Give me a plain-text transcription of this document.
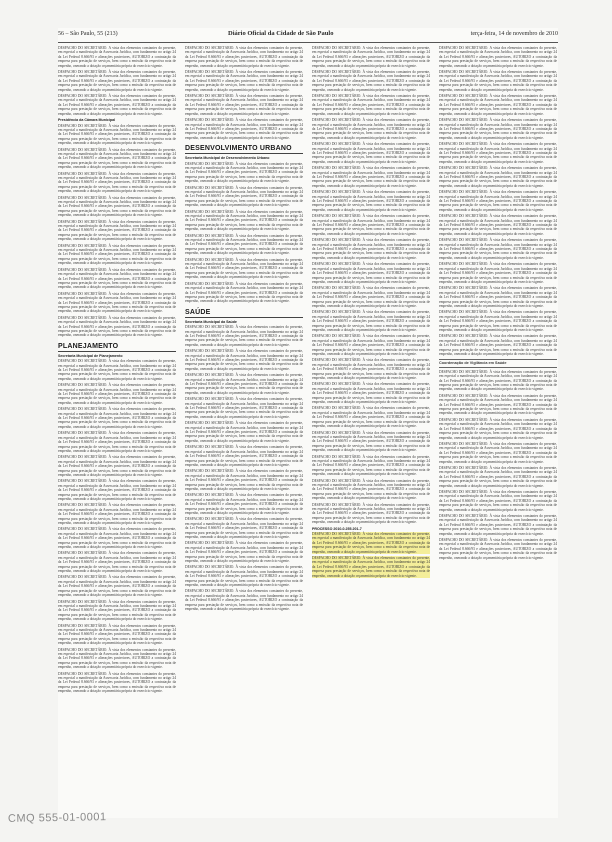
56 – São Paulo, 55 (213)	Diário Oficial da Cidade de São Paulo	terça-feira, 14 de novembro de 2010

DESPACHO DO SECRETÁRIO. À vista dos elementos constantes do presente, em especial a manifestação da Assessoria Jurídica, com fundamento no artigo 24 da Lei Federal 8.666/93 e alterações posteriores, AUTORIZO a contratação da empresa para prestação de serviços, bem como a emissão da respectiva nota de empenho, onerando a dotação orçamentária própria do exercício vigente.

DESPACHO DO SECRETÁRIO. À vista dos elementos constantes do presente, em especial a manifestação da Assessoria Jurídica, com fundamento no artigo 24 da Lei Federal 8.666/93 e alterações posteriores, AUTORIZO a contratação da empresa para prestação de serviços, bem como a emissão da respectiva nota de empenho, onerando a dotação orçamentária própria do exercício vigente.

DESPACHO DO SECRETÁRIO. À vista dos elementos constantes do presente, em especial a manifestação da Assessoria Jurídica, com fundamento no artigo 24 da Lei Federal 8.666/93 e alterações posteriores, AUTORIZO a contratação da empresa para prestação de serviços, bem como a emissão da respectiva nota de empenho, onerando a dotação orçamentária própria do exercício vigente.

Presidência da Câmara Municipal

DESPACHO DO SECRETÁRIO. À vista dos elementos constantes do presente, em especial a manifestação da Assessoria Jurídica, com fundamento no artigo 24 da Lei Federal 8.666/93 e alterações posteriores, AUTORIZO a contratação da empresa para prestação de serviços, bem como a emissão da respectiva nota de empenho, onerando a dotação orçamentária própria do exercício vigente.

DESPACHO DO SECRETÁRIO. À vista dos elementos constantes do presente, em especial a manifestação da Assessoria Jurídica, com fundamento no artigo 24 da Lei Federal 8.666/93 e alterações posteriores, AUTORIZO a contratação da empresa para prestação de serviços, bem como a emissão da respectiva nota de empenho, onerando a dotação orçamentária própria do exercício vigente.

DESPACHO DO SECRETÁRIO. À vista dos elementos constantes do presente, em especial a manifestação da Assessoria Jurídica, com fundamento no artigo 24 da Lei Federal 8.666/93 e alterações posteriores, AUTORIZO a contratação da empresa para prestação de serviços, bem como a emissão da respectiva nota de empenho, onerando a dotação orçamentária própria do exercício vigente.

DESPACHO DO SECRETÁRIO. À vista dos elementos constantes do presente, em especial a manifestação da Assessoria Jurídica, com fundamento no artigo 24 da Lei Federal 8.666/93 e alterações posteriores, AUTORIZO a contratação da empresa para prestação de serviços, bem como a emissão da respectiva nota de empenho, onerando a dotação orçamentária própria do exercício vigente.

DESPACHO DO SECRETÁRIO. À vista dos elementos constantes do presente, em especial a manifestação da Assessoria Jurídica, com fundamento no artigo 24 da Lei Federal 8.666/93 e alterações posteriores, AUTORIZO a contratação da empresa para prestação de serviços, bem como a emissão da respectiva nota de empenho, onerando a dotação orçamentária própria do exercício vigente.

DESPACHO DO SECRETÁRIO. À vista dos elementos constantes do presente, em especial a manifestação da Assessoria Jurídica, com fundamento no artigo 24 da Lei Federal 8.666/93 e alterações posteriores, AUTORIZO a contratação da empresa para prestação de serviços, bem como a emissão da respectiva nota de empenho, onerando a dotação orçamentária própria do exercício vigente.

DESPACHO DO SECRETÁRIO. À vista dos elementos constantes do presente, em especial a manifestação da Assessoria Jurídica, com fundamento no artigo 24 da Lei Federal 8.666/93 e alterações posteriores, AUTORIZO a contratação da empresa para prestação de serviços, bem como a emissão da respectiva nota de empenho, onerando a dotação orçamentária própria do exercício vigente.

DESPACHO DO SECRETÁRIO. À vista dos elementos constantes do presente, em especial a manifestação da Assessoria Jurídica, com fundamento no artigo 24 da Lei Federal 8.666/93 e alterações posteriores, AUTORIZO a contratação da empresa para prestação de serviços, bem como a emissão da respectiva nota de empenho, onerando a dotação orçamentária própria do exercício vigente.

DESPACHO DO SECRETÁRIO. À vista dos elementos constantes do presente, em especial a manifestação da Assessoria Jurídica, com fundamento no artigo 24 da Lei Federal 8.666/93 e alterações posteriores, AUTORIZO a contratação da empresa para prestação de serviços, bem como a emissão da respectiva nota de empenho, onerando a dotação orçamentária própria do exercício vigente.

PLANEJAMENTO
Secretaria Municipal de Planejamento

DESPACHO DO SECRETÁRIO. À vista dos elementos constantes do presente, em especial a manifestação da Assessoria Jurídica, com fundamento no artigo 24 da Lei Federal 8.666/93 e alterações posteriores, AUTORIZO a contratação da empresa para prestação de serviços, bem como a emissão da respectiva nota de empenho, onerando a dotação orçamentária própria do exercício vigente.

DESPACHO DO SECRETÁRIO. À vista dos elementos constantes do presente, em especial a manifestação da Assessoria Jurídica, com fundamento no artigo 24 da Lei Federal 8.666/93 e alterações posteriores, AUTORIZO a contratação da empresa para prestação de serviços, bem como a emissão da respectiva nota de empenho, onerando a dotação orçamentária própria do exercício vigente.

DESPACHO DO SECRETÁRIO. À vista dos elementos constantes do presente, em especial a manifestação da Assessoria Jurídica, com fundamento no artigo 24 da Lei Federal 8.666/93 e alterações posteriores, AUTORIZO a contratação da empresa para prestação de serviços, bem como a emissão da respectiva nota de empenho, onerando a dotação orçamentária própria do exercício vigente.

DESPACHO DO SECRETÁRIO. À vista dos elementos constantes do presente, em especial a manifestação da Assessoria Jurídica, com fundamento no artigo 24 da Lei Federal 8.666/93 e alterações posteriores, AUTORIZO a contratação da empresa para prestação de serviços, bem como a emissão da respectiva nota de empenho, onerando a dotação orçamentária própria do exercício vigente.

DESPACHO DO SECRETÁRIO. À vista dos elementos constantes do presente, em especial a manifestação da Assessoria Jurídica, com fundamento no artigo 24 da Lei Federal 8.666/93 e alterações posteriores, AUTORIZO a contratação da empresa para prestação de serviços, bem como a emissão da respectiva nota de empenho, onerando a dotação orçamentária própria do exercício vigente.

DESPACHO DO SECRETÁRIO. À vista dos elementos constantes do presente, em especial a manifestação da Assessoria Jurídica, com fundamento no artigo 24 da Lei Federal 8.666/93 e alterações posteriores, AUTORIZO a contratação da empresa para prestação de serviços, bem como a emissão da respectiva nota de empenho, onerando a dotação orçamentária própria do exercício vigente.

DESPACHO DO SECRETÁRIO. À vista dos elementos constantes do presente, em especial a manifestação da Assessoria Jurídica, com fundamento no artigo 24 da Lei Federal 8.666/93 e alterações posteriores, AUTORIZO a contratação da empresa para prestação de serviços, bem como a emissão da respectiva nota de empenho, onerando a dotação orçamentária própria do exercício vigente.

DESPACHO DO SECRETÁRIO. À vista dos elementos constantes do presente, em especial a manifestação da Assessoria Jurídica, com fundamento no artigo 24 da Lei Federal 8.666/93 e alterações posteriores, AUTORIZO a contratação da empresa para prestação de serviços, bem como a emissão da respectiva nota de empenho, onerando a dotação orçamentária própria do exercício vigente.

DESPACHO DO SECRETÁRIO. À vista dos elementos constantes do presente, em especial a manifestação da Assessoria Jurídica, com fundamento no artigo 24 da Lei Federal 8.666/93 e alterações posteriores, AUTORIZO a contratação da empresa para prestação de serviços, bem como a emissão da respectiva nota de empenho, onerando a dotação orçamentária própria do exercício vigente.

DESPACHO DO SECRETÁRIO. À vista dos elementos constantes do presente, em especial a manifestação da Assessoria Jurídica, com fundamento no artigo 24 da Lei Federal 8.666/93 e alterações posteriores, AUTORIZO a contratação da empresa para prestação de serviços, bem como a emissão da respectiva nota de empenho, onerando a dotação orçamentária própria do exercício vigente.

DESPACHO DO SECRETÁRIO. À vista dos elementos constantes do presente, em especial a manifestação da Assessoria Jurídica, com fundamento no artigo 24 da Lei Federal 8.666/93 e alterações posteriores, AUTORIZO a contratação da empresa para prestação de serviços, bem como a emissão da respectiva nota de empenho, onerando a dotação orçamentária própria do exercício vigente.

DESPACHO DO SECRETÁRIO. À vista dos elementos constantes do presente, em especial a manifestação da Assessoria Jurídica, com fundamento no artigo 24 da Lei Federal 8.666/93 e alterações posteriores, AUTORIZO a contratação da empresa para prestação de serviços, bem como a emissão da respectiva nota de empenho, onerando a dotação orçamentária própria do exercício vigente.

DESPACHO DO SECRETÁRIO. À vista dos elementos constantes do presente, em especial a manifestação da Assessoria Jurídica, com fundamento no artigo 24 da Lei Federal 8.666/93 e alterações posteriores, AUTORIZO a contratação da empresa para prestação de serviços, bem como a emissão da respectiva nota de empenho, onerando a dotação orçamentária própria do exercício vigente.

DESPACHO DO SECRETÁRIO. À vista dos elementos constantes do presente, em especial a manifestação da Assessoria Jurídica, com fundamento no artigo 24 da Lei Federal 8.666/93 e alterações posteriores, AUTORIZO a contratação da empresa para prestação de serviços, bem como a emissão da respectiva nota de empenho, onerando a dotação orçamentária própria do exercício vigente.

DESPACHO DO SECRETÁRIO. À vista dos elementos constantes do presente, em especial a manifestação da Assessoria Jurídica, com fundamento no artigo 24 da Lei Federal 8.666/93 e alterações posteriores, AUTORIZO a contratação da empresa para prestação de serviços, bem como a emissão da respectiva nota de empenho, onerando a dotação orçamentária própria do exercício vigente.

DESPACHO DO SECRETÁRIO. À vista dos elementos constantes do presente, em especial a manifestação da Assessoria Jurídica, com fundamento no artigo 24 da Lei Federal 8.666/93 e alterações posteriores, AUTORIZO a contratação da empresa para prestação de serviços, bem como a emissão da respectiva nota de empenho, onerando a dotação orçamentária própria do exercício vigente.

DESPACHO DO SECRETÁRIO. À vista dos elementos constantes do presente, em especial a manifestação da Assessoria Jurídica, com fundamento no artigo 24 da Lei Federal 8.666/93 e alterações posteriores, AUTORIZO a contratação da empresa para prestação de serviços, bem como a emissão da respectiva nota de empenho, onerando a dotação orçamentária própria do exercício vigente.

DESPACHO DO SECRETÁRIO. À vista dos elementos constantes do presente, em especial a manifestação da Assessoria Jurídica, com fundamento no artigo 24 da Lei Federal 8.666/93 e alterações posteriores, AUTORIZO a contratação da empresa para prestação de serviços, bem como a emissão da respectiva nota de empenho, onerando a dotação orçamentária própria do exercício vigente.

DESENVOLVIMENTO URBANO
Secretaria Municipal de Desenvolvimento Urbano

DESPACHO DO SECRETÁRIO. À vista dos elementos constantes do presente, em especial a manifestação da Assessoria Jurídica, com fundamento no artigo 24 da Lei Federal 8.666/93 e alterações posteriores, AUTORIZO a contratação da empresa para prestação de serviços, bem como a emissão da respectiva nota de empenho, onerando a dotação orçamentária própria do exercício vigente.

DESPACHO DO SECRETÁRIO. À vista dos elementos constantes do presente, em especial a manifestação da Assessoria Jurídica, com fundamento no artigo 24 da Lei Federal 8.666/93 e alterações posteriores, AUTORIZO a contratação da empresa para prestação de serviços, bem como a emissão da respectiva nota de empenho, onerando a dotação orçamentária própria do exercício vigente.

DESPACHO DO SECRETÁRIO. À vista dos elementos constantes do presente, em especial a manifestação da Assessoria Jurídica, com fundamento no artigo 24 da Lei Federal 8.666/93 e alterações posteriores, AUTORIZO a contratação da empresa para prestação de serviços, bem como a emissão da respectiva nota de empenho, onerando a dotação orçamentária própria do exercício vigente.

DESPACHO DO SECRETÁRIO. À vista dos elementos constantes do presente, em especial a manifestação da Assessoria Jurídica, com fundamento no artigo 24 da Lei Federal 8.666/93 e alterações posteriores, AUTORIZO a contratação da empresa para prestação de serviços, bem como a emissão da respectiva nota de empenho, onerando a dotação orçamentária própria do exercício vigente.

DESPACHO DO SECRETÁRIO. À vista dos elementos constantes do presente, em especial a manifestação da Assessoria Jurídica, com fundamento no artigo 24 da Lei Federal 8.666/93 e alterações posteriores, AUTORIZO a contratação da empresa para prestação de serviços, bem como a emissão da respectiva nota de empenho, onerando a dotação orçamentária própria do exercício vigente.

DESPACHO DO SECRETÁRIO. À vista dos elementos constantes do presente, em especial a manifestação da Assessoria Jurídica, com fundamento no artigo 24 da Lei Federal 8.666/93 e alterações posteriores, AUTORIZO a contratação da empresa para prestação de serviços, bem como a emissão da respectiva nota de empenho, onerando a dotação orçamentária própria do exercício vigente.

SAÚDE
Secretaria Municipal da Saúde

DESPACHO DO SECRETÁRIO. À vista dos elementos constantes do presente, em especial a manifestação da Assessoria Jurídica, com fundamento no artigo 24 da Lei Federal 8.666/93 e alterações posteriores, AUTORIZO a contratação da empresa para prestação de serviços, bem como a emissão da respectiva nota de empenho, onerando a dotação orçamentária própria do exercício vigente.

DESPACHO DO SECRETÁRIO. À vista dos elementos constantes do presente, em especial a manifestação da Assessoria Jurídica, com fundamento no artigo 24 da Lei Federal 8.666/93 e alterações posteriores, AUTORIZO a contratação da empresa para prestação de serviços, bem como a emissão da respectiva nota de empenho, onerando a dotação orçamentária própria do exercício vigente.

DESPACHO DO SECRETÁRIO. À vista dos elementos constantes do presente, em especial a manifestação da Assessoria Jurídica, com fundamento no artigo 24 da Lei Federal 8.666/93 e alterações posteriores, AUTORIZO a contratação da empresa para prestação de serviços, bem como a emissão da respectiva nota de empenho, onerando a dotação orçamentária própria do exercício vigente.

DESPACHO DO SECRETÁRIO. À vista dos elementos constantes do presente, em especial a manifestação da Assessoria Jurídica, com fundamento no artigo 24 da Lei Federal 8.666/93 e alterações posteriores, AUTORIZO a contratação da empresa para prestação de serviços, bem como a emissão da respectiva nota de empenho, onerando a dotação orçamentária própria do exercício vigente.

DESPACHO DO SECRETÁRIO. À vista dos elementos constantes do presente, em especial a manifestação da Assessoria Jurídica, com fundamento no artigo 24 da Lei Federal 8.666/93 e alterações posteriores, AUTORIZO a contratação da empresa para prestação de serviços, bem como a emissão da respectiva nota de empenho, onerando a dotação orçamentária própria do exercício vigente.

DESPACHO DO SECRETÁRIO. À vista dos elementos constantes do presente, em especial a manifestação da Assessoria Jurídica, com fundamento no artigo 24 da Lei Federal 8.666/93 e alterações posteriores, AUTORIZO a contratação da empresa para prestação de serviços, bem como a emissão da respectiva nota de empenho, onerando a dotação orçamentária própria do exercício vigente.

DESPACHO DO SECRETÁRIO. À vista dos elementos constantes do presente, em especial a manifestação da Assessoria Jurídica, com fundamento no artigo 24 da Lei Federal 8.666/93 e alterações posteriores, AUTORIZO a contratação da empresa para prestação de serviços, bem como a emissão da respectiva nota de empenho, onerando a dotação orçamentária própria do exercício vigente.

DESPACHO DO SECRETÁRIO. À vista dos elementos constantes do presente, em especial a manifestação da Assessoria Jurídica, com fundamento no artigo 24 da Lei Federal 8.666/93 e alterações posteriores, AUTORIZO a contratação da empresa para prestação de serviços, bem como a emissão da respectiva nota de empenho, onerando a dotação orçamentária própria do exercício vigente.

DESPACHO DO SECRETÁRIO. À vista dos elementos constantes do presente, em especial a manifestação da Assessoria Jurídica, com fundamento no artigo 24 da Lei Federal 8.666/93 e alterações posteriores, AUTORIZO a contratação da empresa para prestação de serviços, bem como a emissão da respectiva nota de empenho, onerando a dotação orçamentária própria do exercício vigente.

DESPACHO DO SECRETÁRIO. À vista dos elementos constantes do presente, em especial a manifestação da Assessoria Jurídica, com fundamento no artigo 24 da Lei Federal 8.666/93 e alterações posteriores, AUTORIZO a contratação da empresa para prestação de serviços, bem como a emissão da respectiva nota de empenho, onerando a dotação orçamentária própria do exercício vigente.

DESPACHO DO SECRETÁRIO. À vista dos elementos constantes do presente, em especial a manifestação da Assessoria Jurídica, com fundamento no artigo 24 da Lei Federal 8.666/93 e alterações posteriores, AUTORIZO a contratação da empresa para prestação de serviços, bem como a emissão da respectiva nota de empenho, onerando a dotação orçamentária própria do exercício vigente.

DESPACHO DO SECRETÁRIO. À vista dos elementos constantes do presente, em especial a manifestação da Assessoria Jurídica, com fundamento no artigo 24 da Lei Federal 8.666/93 e alterações posteriores, AUTORIZO a contratação da empresa para prestação de serviços, bem como a emissão da respectiva nota de empenho, onerando a dotação orçamentária própria do exercício vigente.

DESPACHO DO SECRETÁRIO. À vista dos elementos constantes do presente, em especial a manifestação da Assessoria Jurídica, com fundamento no artigo 24 da Lei Federal 8.666/93 e alterações posteriores, AUTORIZO a contratação da empresa para prestação de serviços, bem como a emissão da respectiva nota de empenho, onerando a dotação orçamentária própria do exercício vigente.

DESPACHO DO SECRETÁRIO. À vista dos elementos constantes do presente, em especial a manifestação da Assessoria Jurídica, com fundamento no artigo 24 da Lei Federal 8.666/93 e alterações posteriores, AUTORIZO a contratação da empresa para prestação de serviços, bem como a emissão da respectiva nota de empenho, onerando a dotação orçamentária própria do exercício vigente.

DESPACHO DO SECRETÁRIO. À vista dos elementos constantes do presente, em especial a manifestação da Assessoria Jurídica, com fundamento no artigo 24 da Lei Federal 8.666/93 e alterações posteriores, AUTORIZO a contratação da empresa para prestação de serviços, bem como a emissão da respectiva nota de empenho, onerando a dotação orçamentária própria do exercício vigente.

DESPACHO DO SECRETÁRIO. À vista dos elementos constantes do presente, em especial a manifestação da Assessoria Jurídica, com fundamento no artigo 24 da Lei Federal 8.666/93 e alterações posteriores, AUTORIZO a contratação da empresa para prestação de serviços, bem como a emissão da respectiva nota de empenho, onerando a dotação orçamentária própria do exercício vigente.

DESPACHO DO SECRETÁRIO. À vista dos elementos constantes do presente, em especial a manifestação da Assessoria Jurídica, com fundamento no artigo 24 da Lei Federal 8.666/93 e alterações posteriores, AUTORIZO a contratação da empresa para prestação de serviços, bem como a emissão da respectiva nota de empenho, onerando a dotação orçamentária própria do exercício vigente.

DESPACHO DO SECRETÁRIO. À vista dos elementos constantes do presente, em especial a manifestação da Assessoria Jurídica, com fundamento no artigo 24 da Lei Federal 8.666/93 e alterações posteriores, AUTORIZO a contratação da empresa para prestação de serviços, bem como a emissão da respectiva nota de empenho, onerando a dotação orçamentária própria do exercício vigente.

DESPACHO DO SECRETÁRIO. À vista dos elementos constantes do presente, em especial a manifestação da Assessoria Jurídica, com fundamento no artigo 24 da Lei Federal 8.666/93 e alterações posteriores, AUTORIZO a contratação da empresa para prestação de serviços, bem como a emissão da respectiva nota de empenho, onerando a dotação orçamentária própria do exercício vigente.

DESPACHO DO SECRETÁRIO. À vista dos elementos constantes do presente, em especial a manifestação da Assessoria Jurídica, com fundamento no artigo 24 da Lei Federal 8.666/93 e alterações posteriores, AUTORIZO a contratação da empresa para prestação de serviços, bem como a emissão da respectiva nota de empenho, onerando a dotação orçamentária própria do exercício vigente.

DESPACHO DO SECRETÁRIO. À vista dos elementos constantes do presente, em especial a manifestação da Assessoria Jurídica, com fundamento no artigo 24 da Lei Federal 8.666/93 e alterações posteriores, AUTORIZO a contratação da empresa para prestação de serviços, bem como a emissão da respectiva nota de empenho, onerando a dotação orçamentária própria do exercício vigente.

DESPACHO DO SECRETÁRIO. À vista dos elementos constantes do presente, em especial a manifestação da Assessoria Jurídica, com fundamento no artigo 24 da Lei Federal 8.666/93 e alterações posteriores, AUTORIZO a contratação da empresa para prestação de serviços, bem como a emissão da respectiva nota de empenho, onerando a dotação orçamentária própria do exercício vigente.

DESPACHO DO SECRETÁRIO. À vista dos elementos constantes do presente, em especial a manifestação da Assessoria Jurídica, com fundamento no artigo 24 da Lei Federal 8.666/93 e alterações posteriores, AUTORIZO a contratação da empresa para prestação de serviços, bem como a emissão da respectiva nota de empenho, onerando a dotação orçamentária própria do exercício vigente.

DESPACHO DO SECRETÁRIO. À vista dos elementos constantes do presente, em especial a manifestação da Assessoria Jurídica, com fundamento no artigo 24 da Lei Federal 8.666/93 e alterações posteriores, AUTORIZO a contratação da empresa para prestação de serviços, bem como a emissão da respectiva nota de empenho, onerando a dotação orçamentária própria do exercício vigente.

DESPACHO DO SECRETÁRIO. À vista dos elementos constantes do presente, em especial a manifestação da Assessoria Jurídica, com fundamento no artigo 24 da Lei Federal 8.666/93 e alterações posteriores, AUTORIZO a contratação da empresa para prestação de serviços, bem como a emissão da respectiva nota de empenho, onerando a dotação orçamentária própria do exercício vigente.

DESPACHO DO SECRETÁRIO. À vista dos elementos constantes do presente, em especial a manifestação da Assessoria Jurídica, com fundamento no artigo 24 da Lei Federal 8.666/93 e alterações posteriores, AUTORIZO a contratação da empresa para prestação de serviços, bem como a emissão da respectiva nota de empenho, onerando a dotação orçamentária própria do exercício vigente.

DESPACHO DO SECRETÁRIO. À vista dos elementos constantes do presente, em especial a manifestação da Assessoria Jurídica, com fundamento no artigo 24 da Lei Federal 8.666/93 e alterações posteriores, AUTORIZO a contratação da empresa para prestação de serviços, bem como a emissão da respectiva nota de empenho, onerando a dotação orçamentária própria do exercício vigente.

DESPACHO DO SECRETÁRIO. À vista dos elementos constantes do presente, em especial a manifestação da Assessoria Jurídica, com fundamento no artigo 24 da Lei Federal 8.666/93 e alterações posteriores, AUTORIZO a contratação da empresa para prestação de serviços, bem como a emissão da respectiva nota de empenho, onerando a dotação orçamentária própria do exercício vigente.

DESPACHO DO SECRETÁRIO. À vista dos elementos constantes do presente, em especial a manifestação da Assessoria Jurídica, com fundamento no artigo 24 da Lei Federal 8.666/93 e alterações posteriores, AUTORIZO a contratação da empresa para prestação de serviços, bem como a emissão da respectiva nota de empenho, onerando a dotação orçamentária própria do exercício vigente.

DESPACHO DO SECRETÁRIO. À vista dos elementos constantes do presente, em especial a manifestação da Assessoria Jurídica, com fundamento no artigo 24 da Lei Federal 8.666/93 e alterações posteriores, AUTORIZO a contratação da empresa para prestação de serviços, bem como a emissão da respectiva nota de empenho, onerando a dotação orçamentária própria do exercício vigente.

DESPACHO DO SECRETÁRIO. À vista dos elementos constantes do presente, em especial a manifestação da Assessoria Jurídica, com fundamento no artigo 24 da Lei Federal 8.666/93 e alterações posteriores, AUTORIZO a contratação da empresa para prestação de serviços, bem como a emissão da respectiva nota de empenho, onerando a dotação orçamentária própria do exercício vigente.

DESPACHO DO SECRETÁRIO. À vista dos elementos constantes do presente, em especial a manifestação da Assessoria Jurídica, com fundamento no artigo 24 da Lei Federal 8.666/93 e alterações posteriores, AUTORIZO a contratação da empresa para prestação de serviços, bem como a emissão da respectiva nota de empenho, onerando a dotação orçamentária própria do exercício vigente.

PROCESSO 2010-0.255.201-7

DESPACHO DO SECRETÁRIO. À vista dos elementos constantes do presente, em especial a manifestação da Assessoria Jurídica, com fundamento no artigo 24 da Lei Federal 8.666/93 e alterações posteriores, AUTORIZO a contratação da empresa para prestação de serviços, bem como a emissão da respectiva nota de empenho, onerando a dotação orçamentária própria do exercício vigente.

DESPACHO DO SECRETÁRIO. À vista dos elementos constantes do presente, em especial a manifestação da Assessoria Jurídica, com fundamento no artigo 24 da Lei Federal 8.666/93 e alterações posteriores, AUTORIZO a contratação da empresa para prestação de serviços, bem como a emissão da respectiva nota de empenho, onerando a dotação orçamentária própria do exercício vigente.

DESPACHO DO SECRETÁRIO. À vista dos elementos constantes do presente, em especial a manifestação da Assessoria Jurídica, com fundamento no artigo 24 da Lei Federal 8.666/93 e alterações posteriores, AUTORIZO a contratação da empresa para prestação de serviços, bem como a emissão da respectiva nota de empenho, onerando a dotação orçamentária própria do exercício vigente.

DESPACHO DO SECRETÁRIO. À vista dos elementos constantes do presente, em especial a manifestação da Assessoria Jurídica, com fundamento no artigo 24 da Lei Federal 8.666/93 e alterações posteriores, AUTORIZO a contratação da empresa para prestação de serviços, bem como a emissão da respectiva nota de empenho, onerando a dotação orçamentária própria do exercício vigente.

DESPACHO DO SECRETÁRIO. À vista dos elementos constantes do presente, em especial a manifestação da Assessoria Jurídica, com fundamento no artigo 24 da Lei Federal 8.666/93 e alterações posteriores, AUTORIZO a contratação da empresa para prestação de serviços, bem como a emissão da respectiva nota de empenho, onerando a dotação orçamentária própria do exercício vigente.

DESPACHO DO SECRETÁRIO. À vista dos elementos constantes do presente, em especial a manifestação da Assessoria Jurídica, com fundamento no artigo 24 da Lei Federal 8.666/93 e alterações posteriores, AUTORIZO a contratação da empresa para prestação de serviços, bem como a emissão da respectiva nota de empenho, onerando a dotação orçamentária própria do exercício vigente.

DESPACHO DO SECRETÁRIO. À vista dos elementos constantes do presente, em especial a manifestação da Assessoria Jurídica, com fundamento no artigo 24 da Lei Federal 8.666/93 e alterações posteriores, AUTORIZO a contratação da empresa para prestação de serviços, bem como a emissão da respectiva nota de empenho, onerando a dotação orçamentária própria do exercício vigente.

DESPACHO DO SECRETÁRIO. À vista dos elementos constantes do presente, em especial a manifestação da Assessoria Jurídica, com fundamento no artigo 24 da Lei Federal 8.666/93 e alterações posteriores, AUTORIZO a contratação da empresa para prestação de serviços, bem como a emissão da respectiva nota de empenho, onerando a dotação orçamentária própria do exercício vigente.

DESPACHO DO SECRETÁRIO. À vista dos elementos constantes do presente, em especial a manifestação da Assessoria Jurídica, com fundamento no artigo 24 da Lei Federal 8.666/93 e alterações posteriores, AUTORIZO a contratação da empresa para prestação de serviços, bem como a emissão da respectiva nota de empenho, onerando a dotação orçamentária própria do exercício vigente.

DESPACHO DO SECRETÁRIO. À vista dos elementos constantes do presente, em especial a manifestação da Assessoria Jurídica, com fundamento no artigo 24 da Lei Federal 8.666/93 e alterações posteriores, AUTORIZO a contratação da empresa para prestação de serviços, bem como a emissão da respectiva nota de empenho, onerando a dotação orçamentária própria do exercício vigente.

DESPACHO DO SECRETÁRIO. À vista dos elementos constantes do presente, em especial a manifestação da Assessoria Jurídica, com fundamento no artigo 24 da Lei Federal 8.666/93 e alterações posteriores, AUTORIZO a contratação da empresa para prestação de serviços, bem como a emissão da respectiva nota de empenho, onerando a dotação orçamentária própria do exercício vigente.

DESPACHO DO SECRETÁRIO. À vista dos elementos constantes do presente, em especial a manifestação da Assessoria Jurídica, com fundamento no artigo 24 da Lei Federal 8.666/93 e alterações posteriores, AUTORIZO a contratação da empresa para prestação de serviços, bem como a emissão da respectiva nota de empenho, onerando a dotação orçamentária própria do exercício vigente.

DESPACHO DO SECRETÁRIO. À vista dos elementos constantes do presente, em especial a manifestação da Assessoria Jurídica, com fundamento no artigo 24 da Lei Federal 8.666/93 e alterações posteriores, AUTORIZO a contratação da empresa para prestação de serviços, bem como a emissão da respectiva nota de empenho, onerando a dotação orçamentária própria do exercício vigente.

DESPACHO DO SECRETÁRIO. À vista dos elementos constantes do presente, em especial a manifestação da Assessoria Jurídica, com fundamento no artigo 24 da Lei Federal 8.666/93 e alterações posteriores, AUTORIZO a contratação da empresa para prestação de serviços, bem como a emissão da respectiva nota de empenho, onerando a dotação orçamentária própria do exercício vigente.

DESPACHO DO SECRETÁRIO. À vista dos elementos constantes do presente, em especial a manifestação da Assessoria Jurídica, com fundamento no artigo 24 da Lei Federal 8.666/93 e alterações posteriores, AUTORIZO a contratação da empresa para prestação de serviços, bem como a emissão da respectiva nota de empenho, onerando a dotação orçamentária própria do exercício vigente.

Coordenação de Vigilância em Saúde

DESPACHO DO SECRETÁRIO. À vista dos elementos constantes do presente, em especial a manifestação da Assessoria Jurídica, com fundamento no artigo 24 da Lei Federal 8.666/93 e alterações posteriores, AUTORIZO a contratação da empresa para prestação de serviços, bem como a emissão da respectiva nota de empenho, onerando a dotação orçamentária própria do exercício vigente.

DESPACHO DO SECRETÁRIO. À vista dos elementos constantes do presente, em especial a manifestação da Assessoria Jurídica, com fundamento no artigo 24 da Lei Federal 8.666/93 e alterações posteriores, AUTORIZO a contratação da empresa para prestação de serviços, bem como a emissão da respectiva nota de empenho, onerando a dotação orçamentária própria do exercício vigente.

DESPACHO DO SECRETÁRIO. À vista dos elementos constantes do presente, em especial a manifestação da Assessoria Jurídica, com fundamento no artigo 24 da Lei Federal 8.666/93 e alterações posteriores, AUTORIZO a contratação da empresa para prestação de serviços, bem como a emissão da respectiva nota de empenho, onerando a dotação orçamentária própria do exercício vigente.

DESPACHO DO SECRETÁRIO. À vista dos elementos constantes do presente, em especial a manifestação da Assessoria Jurídica, com fundamento no artigo 24 da Lei Federal 8.666/93 e alterações posteriores, AUTORIZO a contratação da empresa para prestação de serviços, bem como a emissão da respectiva nota de empenho, onerando a dotação orçamentária própria do exercício vigente.

DESPACHO DO SECRETÁRIO. À vista dos elementos constantes do presente, em especial a manifestação da Assessoria Jurídica, com fundamento no artigo 24 da Lei Federal 8.666/93 e alterações posteriores, AUTORIZO a contratação da empresa para prestação de serviços, bem como a emissão da respectiva nota de empenho, onerando a dotação orçamentária própria do exercício vigente.

DESPACHO DO SECRETÁRIO. À vista dos elementos constantes do presente, em especial a manifestação da Assessoria Jurídica, com fundamento no artigo 24 da Lei Federal 8.666/93 e alterações posteriores, AUTORIZO a contratação da empresa para prestação de serviços, bem como a emissão da respectiva nota de empenho, onerando a dotação orçamentária própria do exercício vigente.

DESPACHO DO SECRETÁRIO. À vista dos elementos constantes do presente, em especial a manifestação da Assessoria Jurídica, com fundamento no artigo 24 da Lei Federal 8.666/93 e alterações posteriores, AUTORIZO a contratação da empresa para prestação de serviços, bem como a emissão da respectiva nota de empenho, onerando a dotação orçamentária própria do exercício vigente.

DESPACHO DO SECRETÁRIO. À vista dos elementos constantes do presente, em especial a manifestação da Assessoria Jurídica, com fundamento no artigo 24 da Lei Federal 8.666/93 e alterações posteriores, AUTORIZO a contratação da empresa para prestação de serviços, bem como a emissão da respectiva nota de empenho, onerando a dotação orçamentária própria do exercício vigente.

CMQ 555-01-0001
